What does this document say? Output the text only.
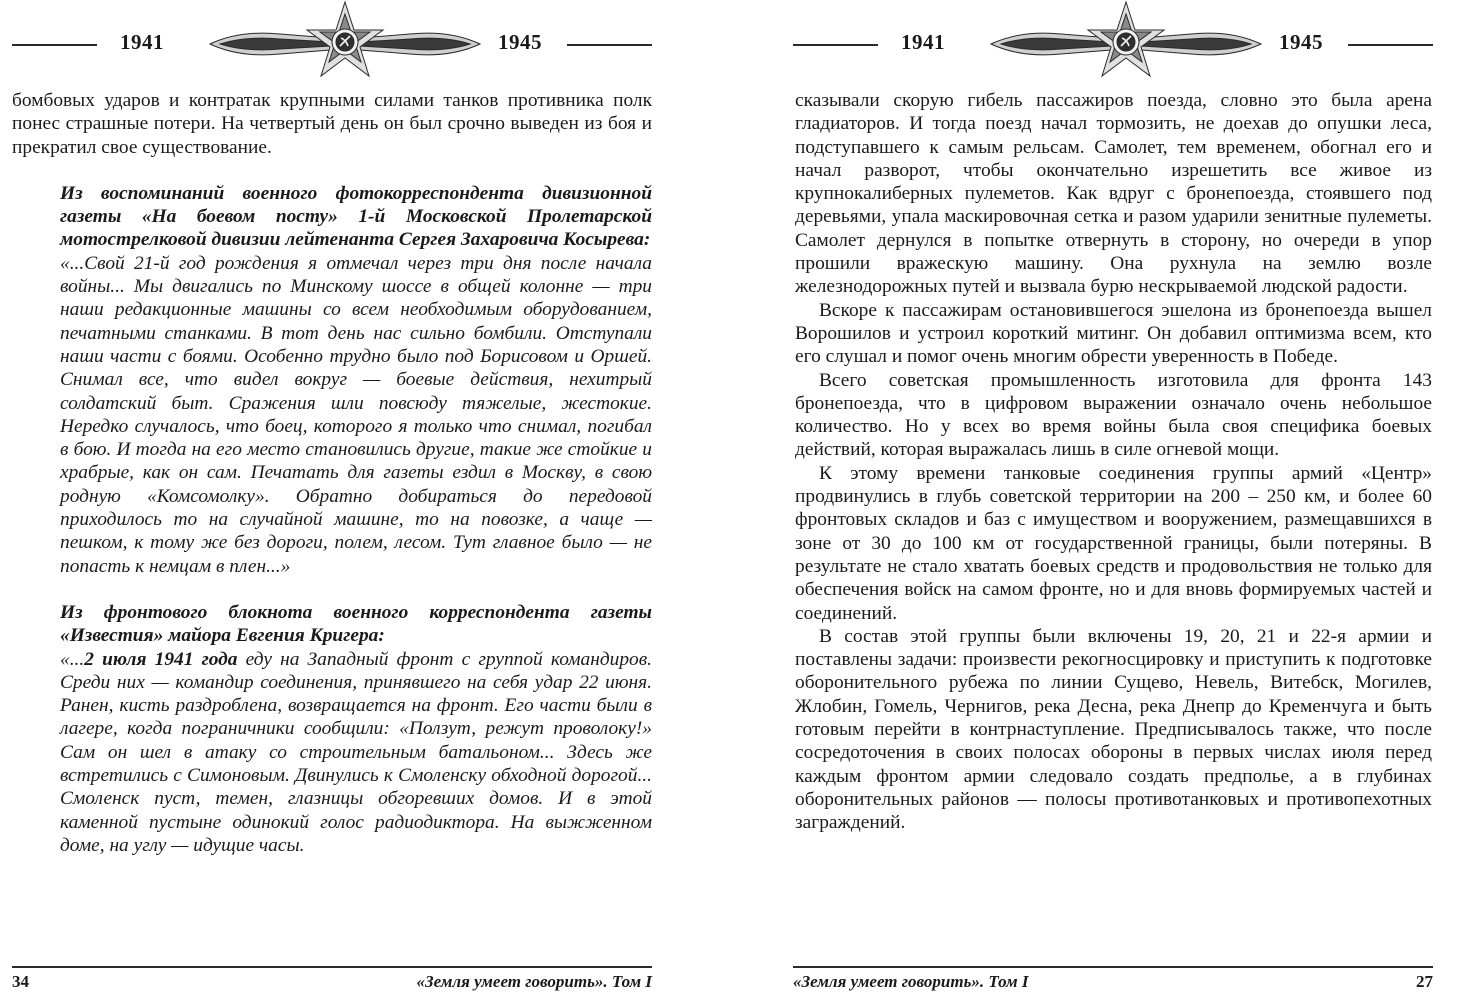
1941	1945

бомбовых ударов и контратак крупными силами танков противника полк понес страшные потери. На четвертый день он был срочно выведен из боя и прекратил свое существование.

Из воспоминаний военного фотокорреспондента дивизионной газеты «На боевом посту» 1-й Московской Пролетарской мотострелковой дивизии лейтенанта Сергея Захаровича Косырева:

«...Свой 21-й год рождения я отмечал через три дня после начала войны... Мы двигались по Минскому шоссе в общей колонне — три наши редакционные машины со всем необходимым оборудованием, печатными станками. В тот день нас сильно бомбили. Отступали наши части с боями. Особенно трудно было под Борисовом и Оршей. Снимал все, что видел вокруг — боевые действия, нехитрый солдатский быт. Сражения шли повсюду тяжелые, жестокие. Нередко случалось, что боец, которого я только что снимал, погибал в бою. И тогда на его место становились другие, такие же стойкие и храбрые, как он сам. Печатать для газеты ездил в Москву, в свою родную «Комсомолку». Обратно добираться до передовой приходилось то на случайной машине, то на повозке, а чаще — пешком, к тому же без дороги, полем, лесом. Тут главное было — не попасть к немцам в плен...»

Из фронтового блокнота военного корреспондента газеты «Известия» майора Евгения Кригера:

«...2 июля 1941 года еду на Западный фронт с группой командиров. Среди них — командир соединения, принявшего на себя удар 22 июня. Ранен, кисть раздроблена, возвращается на фронт. Его части были в лагере, когда пограничники сообщили: «Ползут, режут проволоку!» Сам он шел в атаку со строительным батальоном... Здесь же встретились с Симоновым. Двинулись к Смоленску обходной дорогой... Смоленск пуст, темен, глазницы обгоревших домов. И в этой каменной пустыне одинокий голос радиодиктора. На выжженном доме, на углу — идущие часы.

34	«Земля умеет говорить». Том I
1941	1945

сказывали скорую гибель пассажиров поезда, словно это была арена гладиаторов. И тогда поезд начал тормозить, не доехав до опушки леса, подступавшего к самым рельсам. Самолет, тем временем, обогнал его и начал разворот, чтобы окончательно изрешетить все живое из крупнокалиберных пулеметов. Как вдруг с бронепоезда, стоявшего под деревьями, упала маскировочная сетка и разом ударили зенитные пулеметы. Самолет дернулся в попытке отвернуть в сторону, но очереди в упор прошили вражескую машину. Она рухнула на землю возле железнодорожных путей и вызвала бурю нескрываемой людской радости.

Вскоре к пассажирам остановившегося эшелона из бронепоезда вышел Ворошилов и устроил короткий митинг. Он добавил оптимизма всем, кто его слушал и помог очень многим обрести уверенность в Победе.

Всего советская промышленность изготовила для фронта 143 бронепоезда, что в цифровом выражении означало очень небольшое количество. Но у всех во время войны была своя специфика боевых действий, которая выражалась лишь в силе огневой мощи.

К этому времени танковые соединения группы армий «Центр» продвинулись в глубь советской территории на 200 – 250 км, и более 60 фронтовых складов и баз с имуществом и вооружением, размещавшихся в зоне от 30 до 100 км от государственной границы, были потеряны. В результате не стало хватать боевых средств и продовольствия не только для обеспечения войск на самом фронте, но и для вновь формируемых частей и соединений.

В состав этой группы были включены 19, 20, 21 и 22-я армии и поставлены задачи: произвести рекогносцировку и приступить к подготовке оборонительного рубежа по линии Сущево, Невель, Витебск, Могилев, Жлобин, Гомель, Чернигов, река Десна, река Днепр до Кременчуга и быть готовым перейти в контрнаступление. Предписывалось также, что после сосредоточения в своих полосах обороны в первых числах июля перед каждым фронтом армии следовало создать предполье, а в глубинах оборонительных районов — полосы противотанковых и противопехотных заграждений.

«Земля умеет говорить». Том I	27
